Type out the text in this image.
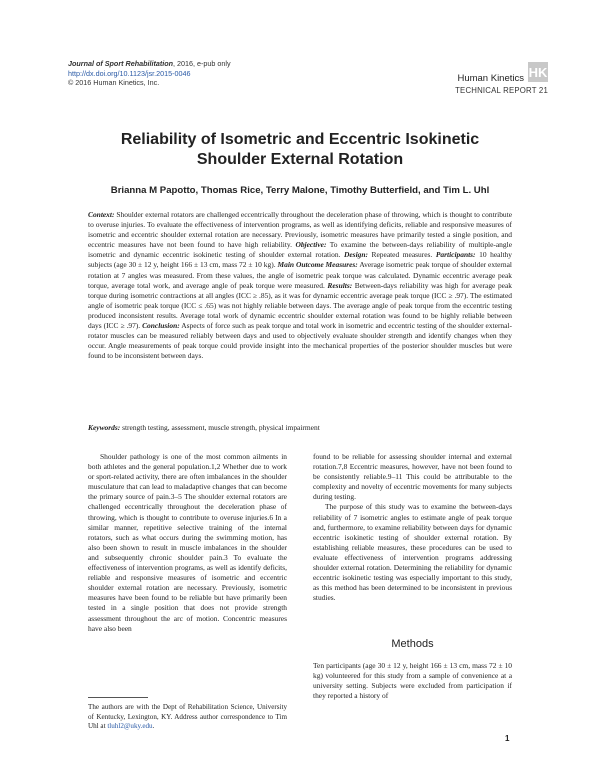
Journal of Sport Rehabilitation, 2016, e-pub only
http://dx.doi.org/10.1123/jsr.2015-0046
© 2016 Human Kinetics, Inc.	Human Kinetics HK
TECHNICAL REPORT 21
Reliability of Isometric and Eccentric Isokinetic
Shoulder External Rotation
Brianna M Papotto, Thomas Rice, Terry Malone, Timothy Butterfield, and Tim L. Uhl
Context: Shoulder external rotators are challenged eccentrically throughout the deceleration phase of throwing, which is thought to contribute to overuse injuries. To evaluate the effectiveness of intervention programs, as well as identifying deficits, reliable and responsive measures of isometric and eccentric shoulder external rotation are necessary. Previously, isometric measures have primarily tested a single position, and eccentric measures have not been found to have high reliability. Objective: To examine the between-days reliability of multiple-angle isometric and dynamic eccentric isokinetic testing of shoulder external rotation. Design: Repeated measures. Participants: 10 healthy subjects (age 30 ± 12 y, height 166 ± 13 cm, mass 72 ± 10 kg). Main Outcome Measures: Average isometric peak torque of shoulder external rotation at 7 angles was measured. From these values, the angle of isometric peak torque was calculated. Dynamic eccentric average peak torque, average total work, and average angle of peak torque were measured. Results: Between-days reliability was high for average peak torque during isometric contractions at all angles (ICC ≥ .85), as it was for dynamic eccentric average peak torque (ICC ≥ .97). The estimated angle of isometric peak torque (ICC ≤ .65) was not highly reliable between days. The average angle of peak torque from the eccentric testing produced inconsistent results. Average total work of dynamic eccentric shoulder external rotation was found to be highly reliable between days (ICC ≥ .97). Conclusion: Aspects of force such as peak torque and total work in isometric and eccentric testing of the shoulder external-rotator muscles can be measured reliably between days and used to objectively evaluate shoulder strength and identify changes when they occur. Angle measurements of peak torque could provide insight into the mechanical properties of the posterior shoulder muscles but were found to be inconsistent between days.
Keywords: strength testing, assessment, muscle strength, physical impairment

Shoulder pathology is one of the most common ailments in both athletes and the general population.1,2 Whether due to work or sport-related activity, there are often imbalances in the shoulder musculature that can lead to maladaptive changes that can become the primary source of pain.3–5 The shoulder external rotators are challenged eccentrically throughout the deceleration phase of throwing, which is thought to contribute to overuse injuries.6 In a similar manner, repetitive selective training of the internal rotators, such as what occurs during the swimming motion, has also been shown to result in muscle imbalances in the shoulder and subsequently chronic shoulder pain.3 To evaluate the effectiveness of intervention programs, as well as identify deficits, reliable and responsive measures of isometric and eccentric shoulder external rotation are necessary. Previously, isometric measures have been found to be reliable but have primarily been tested in a single position that does not provide strength assessment throughout the arc of motion. Concentric measures have also been

The authors are with the Dept of Rehabilitation Science, University of Kentucky, Lexington, KY. Address author correspondence to Tim Uhl at tluhl2@uky.edu.

found to be reliable for assessing shoulder internal and external rotation.7,8 Eccentric measures, however, have not been found to be consistently reliable.9–11 This could be attributable to the complexity and novelty of eccentric movements for many subjects during testing.

The purpose of this study was to examine the between-days reliability of 7 isometric angles to estimate angle of peak torque and, furthermore, to examine reliability between days for dynamic eccentric isokinetic testing of shoulder external rotation. By establishing reliable measures, these procedures can be used to evaluate effectiveness of intervention programs addressing shoulder external rotation. Determining the reliability for dynamic eccentric isokinetic testing was especially important to this study, as this method has been determined to be inconsistent in previous studies.

Methods

Ten participants (age 30 ± 12 y, height 166 ± 13 cm, mass 72 ± 10 kg) volunteered for this study from a sample of convenience at a university setting. Subjects were excluded from participation if they reported a history of

1
